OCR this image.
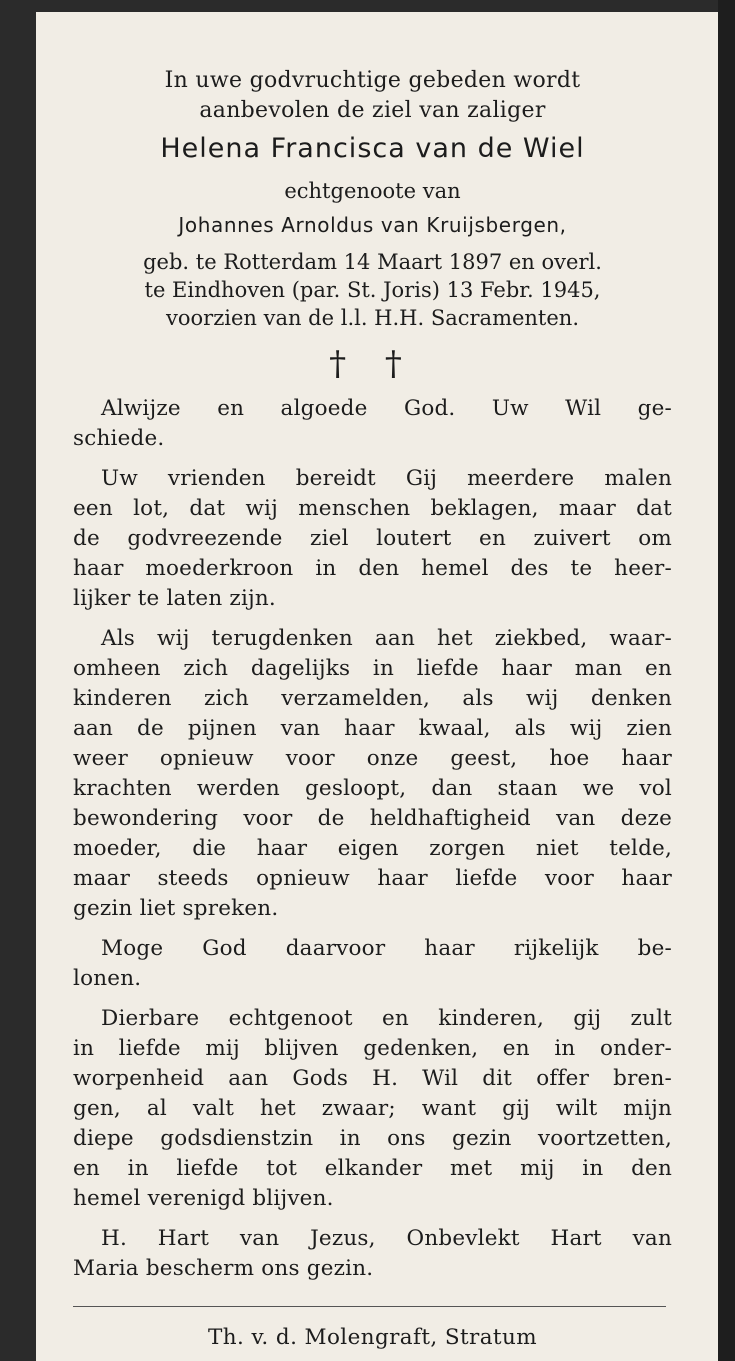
In uwe godvruchtige gebeden wordt
aanbevolen de ziel van zaliger
Helena Francisca van de Wiel
echtgenoote van
Johannes Arnoldus van Kruijsbergen,
geb. te Rotterdam 14 Maart 1897 en overl.
te Eindhoven (par. St. Joris) 13 Febr. 1945,
voorzien van de l.l. H.H. Sacramenten.
† †
Alwijze en algoede God. Uw Wil ge-
schiede.
Uw vrienden bereidt Gij meerdere malen
een lot, dat wij menschen beklagen, maar dat
de godvreezende ziel loutert en zuivert om
haar moederkroon in den hemel des te heer-
lijker te laten zijn.
Als wij terugdenken aan het ziekbed, waar-
omheen zich dagelijks in liefde haar man en
kinderen zich verzamelden, als wij denken
aan de pijnen van haar kwaal, als wij zien
weer opnieuw voor onze geest, hoe haar
krachten werden gesloopt, dan staan we vol
bewondering voor de heldhaftigheid van deze
moeder, die haar eigen zorgen niet telde,
maar steeds opnieuw haar liefde voor haar
gezin liet spreken.
Moge God daarvoor haar rijkelijk be-
lonen.
Dierbare echtgenoot en kinderen, gij zult
in liefde mij blijven gedenken, en in onder-
worpenheid aan Gods H. Wil dit offer bren-
gen, al valt het zwaar; want gij wilt mijn
diepe godsdienstzin in ons gezin voortzetten,
en in liefde tot elkander met mij in den
hemel verenigd blijven.
H. Hart van Jezus, Onbevlekt Hart van
Maria bescherm ons gezin.
Th. v. d. Molengraft, Stratum
